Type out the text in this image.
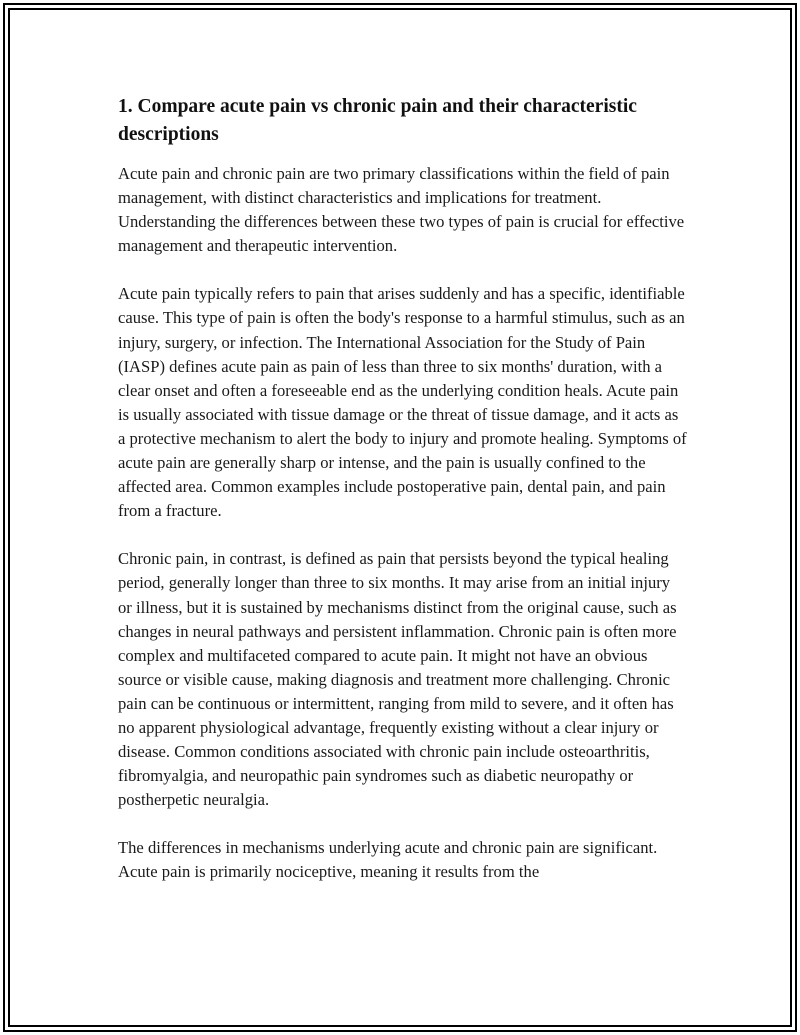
1. Compare acute pain vs chronic pain and their characteristic descriptions

Acute pain and chronic pain are two primary classifications within the field of pain management, with distinct characteristics and implications for treatment. Understanding the differences between these two types of pain is crucial for effective management and therapeutic intervention.

Acute pain typically refers to pain that arises suddenly and has a specific, identifiable cause. This type of pain is often the body's response to a harmful stimulus, such as an injury, surgery, or infection. The International Association for the Study of Pain (IASP) defines acute pain as pain of less than three to six months' duration, with a clear onset and often a foreseeable end as the underlying condition heals. Acute pain is usually associated with tissue damage or the threat of tissue damage, and it acts as a protective mechanism to alert the body to injury and promote healing. Symptoms of acute pain are generally sharp or intense, and the pain is usually confined to the affected area. Common examples include postoperative pain, dental pain, and pain from a fracture.

Chronic pain, in contrast, is defined as pain that persists beyond the typical healing period, generally longer than three to six months. It may arise from an initial injury or illness, but it is sustained by mechanisms distinct from the original cause, such as changes in neural pathways and persistent inflammation. Chronic pain is often more complex and multifaceted compared to acute pain. It might not have an obvious source or visible cause, making diagnosis and treatment more challenging. Chronic pain can be continuous or intermittent, ranging from mild to severe, and it often has no apparent physiological advantage, frequently existing without a clear injury or disease. Common conditions associated with chronic pain include osteoarthritis, fibromyalgia, and neuropathic pain syndromes such as diabetic neuropathy or postherpetic neuralgia.

The differences in mechanisms underlying acute and chronic pain are significant. Acute pain is primarily nociceptive, meaning it results from the
